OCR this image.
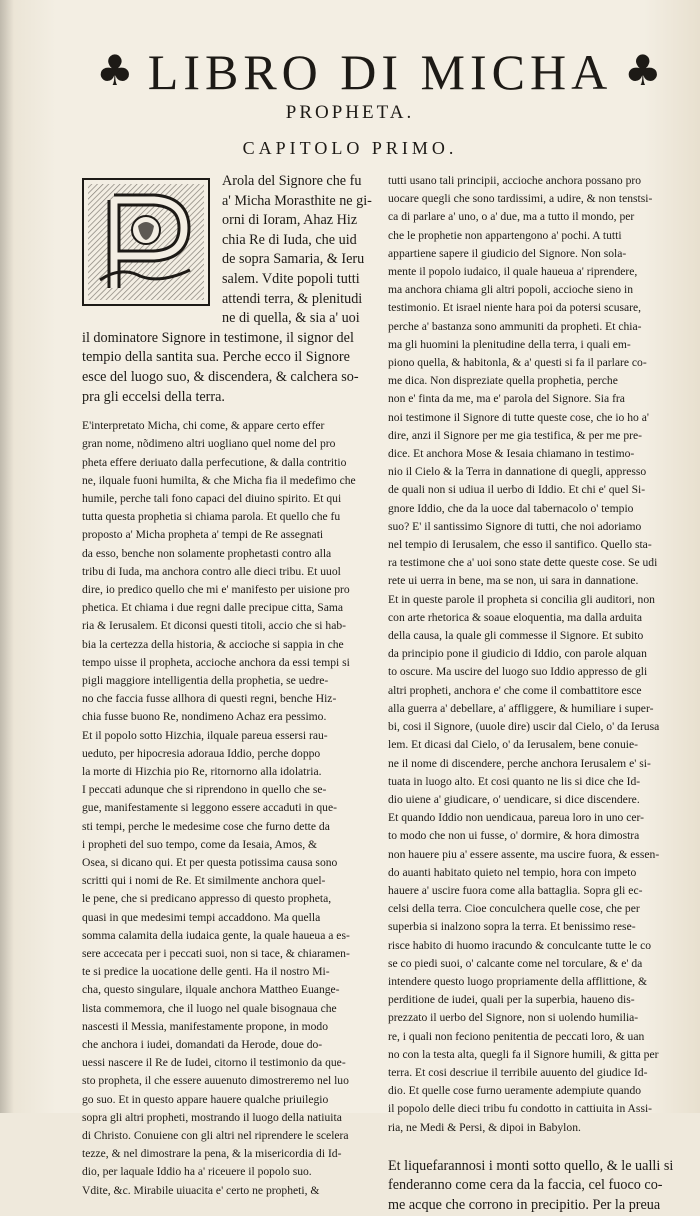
♣ LIBRO DI MICHA ♣
PROPHETA.
CAPITOLO PRIMO.
Arola del Signore che fu
a' Micha Morasthite ne gi-
orni di Ioram, Ahaz Hiz
chia Re di Iuda, che uid
de sopra Samaria, & Ieru
salem. Vdite popoli tutti
attendi terra, & plenitudi
ne di quella, & sia a' uoi
il dominatore Signore in testimone, il signor del
tempio della santita sua. Perche ecco il Signore
esce del luogo suo, & discendera, & calchera so-
pra gli eccelsi della terra.
E'interpretato Micha, chi come, & appare certo effer
gran nome, nõdimeno altri uogliano quel nome del pro
pheta effere deriuato dalla perfecutione, & dalla contritio
ne, ilquale fuoni humilta, & che Micha fia il medefimo che
humile, perche tali fono capaci del diuino spirito. Et qui
tutta questa prophetia si chiama parola. Et quello che fu
proposto a' Micha propheta a' tempi de Re assegnati
da esso, benche non solamente prophetasti contro alla
tribu di Iuda, ma anchora contro alle dieci tribu. Et uuol
dire, io predico quello che mi e' manifesto per uisione pro
phetica. Et chiama i due regni dalle precipue citta, Sama
ria & Ierusalem. Et diconsi questi titoli, accio che si hab-
bia la certezza della historia, & accioche si sappia in che
tempo uisse il propheta, accioche anchora da essi tempi si
pigli maggiore intelligentia della prophetia, se uedre-
no che faccia fusse allhora di questi regni, benche Hiz-
chia fusse buono Re, nondimeno Achaz era pessimo.
Et il popolo sotto Hizchia, ilquale pareua essersi rau-
ueduto, per hipocresia adoraua Iddio, perche doppo
la morte di Hizchia pio Re, ritornorno alla idolatria.
I peccati adunque che si riprendono in quello che se-
gue, manifestamente si leggono essere accaduti in que-
sti tempi, perche le medesime cose che furno dette da
i propheti del suo tempo, come da Iesaia, Amos, &
Osea, si dicano qui. Et per questa potissima causa sono
scritti qui i nomi de Re. Et similmente anchora quel-
le pene, che si predicano appresso di questo propheta,
quasi in que medesimi tempi accaddono. Ma quella
somma calamita della iudaica gente, la quale haueua a es-
sere accecata per i peccati suoi, non si tace, & chiaramen-
te si predice la uocatione delle genti. Ha il nostro Mi-
cha, questo singulare, ilquale anchora Mattheo Euange-
lista commemora, che il luogo nel quale bisognaua che
nascesti il Messia, manifestamente propone, in modo
che anchora i iudei, domandati da Herode, doue do-
uessi nascere il Re de Iudei, citorno il testimonio da que-
sto propheta, il che essere auuenuto dimostreremo nel luo
go suo. Et in questo appare hauere qualche priuilegio
sopra gli altri propheti, mostrando il luogo della natiuita
di Christo. Conuiene con gli altri nel riprendere le scelera
tezze, & nel dimostrare la pena, & la misericordia di Id-
dio, per laquale Iddio ha a' riceuere il popolo suo.
Vdite, &c. Mirabile uiuacita e' certo ne propheti, &
tutti usano tali principii, accioche anchora possano pro
uocare quegli che sono tardissimi, a udire, & non tenstsi-
ca di parlare a' uno, o a' due, ma a tutto il mondo, per
che le prophetie non appartengono a' pochi. A tutti
appartiene sapere il giudicio del Signore. Non sola-
mente il popolo iudaico, il quale haueua a' riprendere,
ma anchora chiama gli altri popoli, accioche sieno in
testimonio. Et israel niente hara poi da potersi scusare,
perche a' bastanza sono ammuniti da propheti. Et chia-
ma gli huomini la plenitudine della terra, i quali em-
piono quella, & habitonla, & a' questi si fa il parlare co-
me dica. Non dispreziate quella prophetia, perche
non e' finta da me, ma e' parola del Signore. Sia fra
noi testimone il Signore di tutte queste cose, che io ho a'
dire, anzi il Signore per me gia testifica, & per me pre-
dice. Et anchora Mose & Iesaia chiamano in testimo-
nio il Cielo & la Terra in dannatione di quegli, appresso
de quali non si udiua il uerbo di Iddio. Et chi e' quel Si-
gnore Iddio, che da la uoce dal tabernacolo o' tempio
suo? E' il santissimo Signore di tutti, che noi adoriamo
nel tempio di Ierusalem, che esso il santifico. Quello sta-
ra testimone che a' uoi sono state dette queste cose. Se udi
rete ui uerra in bene, ma se non, ui sara in dannatione.
Et in queste parole il propheta si concilia gli auditori, non
con arte rhetorica & soaue eloquentia, ma dalla arduita
della causa, la quale gli commesse il Signore. Et subito
da principio pone il giudicio di Iddio, con parole alquan
to oscure. Ma uscire del luogo suo Iddio appresso de gli
altri propheti, anchora e' che come il combattitore esce
alla guerra a' debellare, a' affliggere, & humiliare i super-
bi, cosi il Signore, (uuole dire) uscir dal Cielo, o' da Ierusa
lem. Et dicasi dal Cielo, o' da Ierusalem, bene conuie-
ne il nome di discendere, perche anchora Ierusalem e' si-
tuata in luogo alto. Et cosi quanto ne lis si dice che Id-
dio uiene a' giudicare, o' uendicare, si dice discendere.
Et quando Iddio non uendicaua, pareua loro in uno cer-
to modo che non ui fusse, o' dormire, & hora dimostra
non hauere piu a' essere assente, ma uscire fuora, & essen-
do auanti habitato quieto nel tempio, hora con impeto
hauere a' uscire fuora come alla battaglia. Sopra gli ec-
celsi della terra. Cioe conculchera quelle cose, che per
superbia si inalzono sopra la terra. Et benissimo rese-
risce habito di huomo iracundo & conculcante tutte le co
se co piedi suoi, o' calcante come nel torculare, & e' da
intendere questo luogo propriamente della afflittione, &
perditione de iudei, quali per la superbia, haueno dis-
prezzato il uerbo del Signore, non si uolendo humilia-
re, i quali non feciono penitentia de peccati loro, & uan
no con la testa alta, quegli fa il Signore humili, & gitta per
terra. Et cosi descriue il terribile auuento del giudice Id-
dio. Et quelle cose furno ueramente adempiute quando
il popolo delle dieci tribu fu condotto in cattiuita in Assi-
ria, ne Medi & Persi, & dipoi in Babylon.
Et liquefarannosi i monti sotto quello, & le ualli si
fenderanno come cera da la faccia, cel fuoco co-
me acque che corrono in precipitio. Per la preua
